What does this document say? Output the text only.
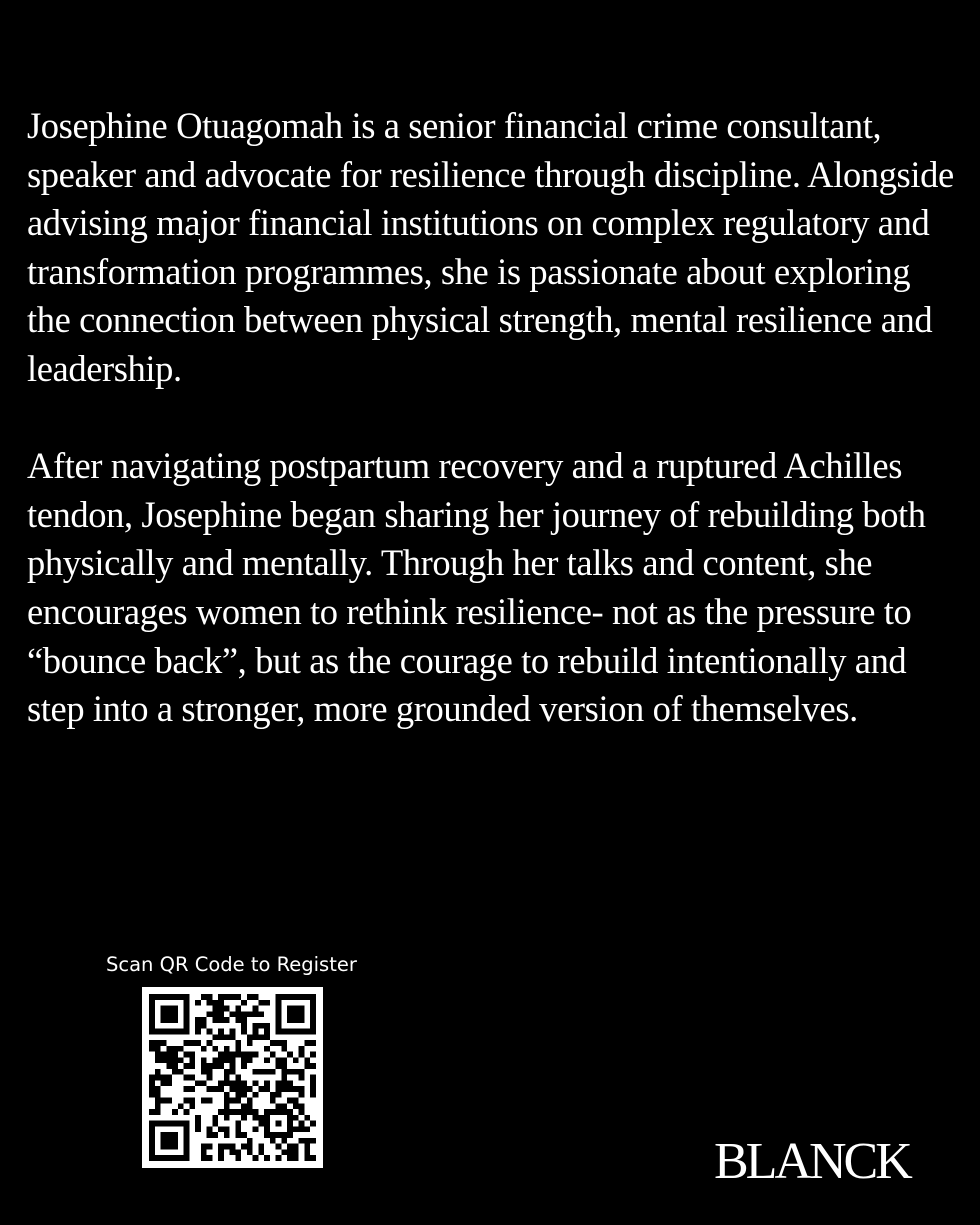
Josephine Otuagomah is a senior financial crime consultant, speaker and advocate for resilience through discipline. Alongside advising major financial institutions on complex regulatory and transformation programmes, she is passionate about exploring the connection between physical strength, mental resilience and leadership.

After navigating postpartum recovery and a ruptured Achilles tendon, Josephine began sharing her journey of rebuilding both physically and mentally. Through her talks and content, she encourages women to rethink resilience- not as the pressure to “bounce back”, but as the courage to rebuild intentionally and step into a stronger, more grounded version of themselves.

Scan QR Code to Register
BLANCK
